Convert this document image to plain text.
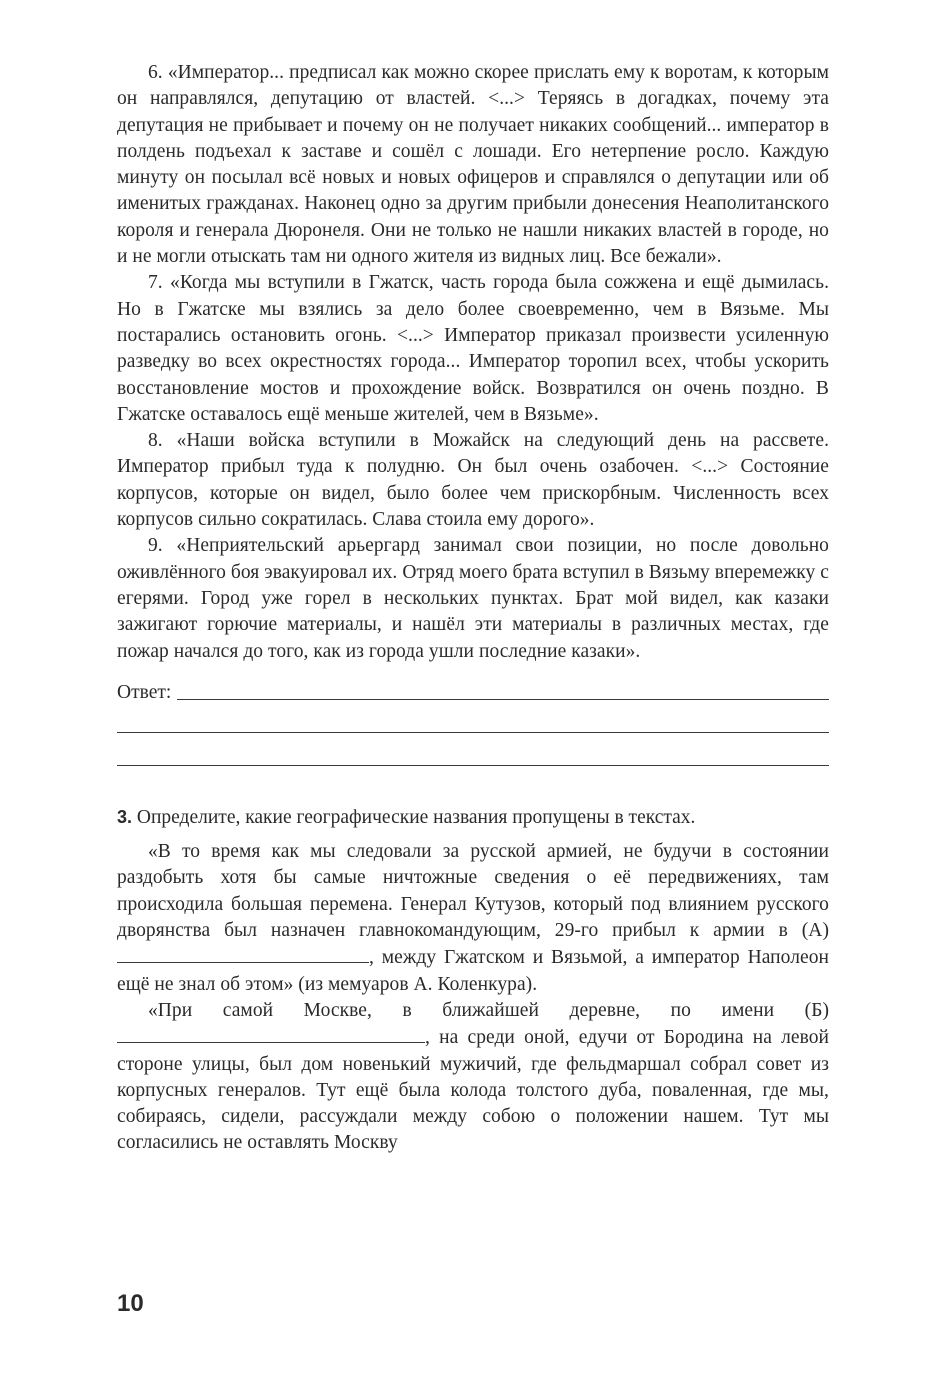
6. «Император... предписал как можно скорее прислать ему к воротам, к которым он направлялся, депутацию от властей. <...> Теряясь в догадках, почему эта депутация не прибывает и почему он не получает никаких сообщений... император в полдень подъехал к заставе и сошёл с лошади. Его нетерпение росло. Каждую минуту он посылал всё новых и новых офицеров и справлялся о депутации или об именитых гражданах. Наконец одно за другим прибыли донесения Неаполитанского короля и генерала Дюронеля. Они не только не нашли никаких властей в городе, но и не могли отыскать там ни одного жителя из видных лиц. Все бежали».

7. «Когда мы вступили в Гжатск, часть города была сожжена и ещё дымилась. Но в Гжатске мы взялись за дело более своевременно, чем в Вязьме. Мы постарались остановить огонь. <...> Император приказал произвести усиленную разведку во всех окрестностях города... Император торопил всех, чтобы ускорить восстановление мостов и прохождение войск. Возвратился он очень поздно. В Гжатске оставалось ещё меньше жителей, чем в Вязьме».

8. «Наши войска вступили в Можайск на следующий день на рассвете. Император прибыл туда к полудню. Он был очень озабочен. <...> Состояние корпусов, которые он видел, было более чем прискорбным. Численность всех корпусов сильно сократилась. Слава стоила ему дорого».

9. «Неприятельский арьергард занимал свои позиции, но после довольно оживлённого боя эвакуировал их. Отряд моего брата вступил в Вязьму вперемежку с егерями. Город уже горел в нескольких пунктах. Брат мой видел, как казаки зажигают горючие материалы, и нашёл эти материалы в различных местах, где пожар начался до того, как из города ушли последние казаки».

Ответ:
3. Определите, какие географические названия пропущены в текстах.

«В то время как мы следовали за русской армией, не будучи в состоянии раздобыть хотя бы самые ничтожные сведения о её передвижениях, там происходила большая перемена. Генерал Кутузов, который под влиянием русского дворянства был назначен главнокомандующим, 29-го прибыл к армии в (А), между Гжатском и Вязьмой, а император Наполеон ещё не знал об этом» (из мемуаров А. Коленкура).

«При самой Москве, в ближайшей деревне, по имени (Б), на среди оной, едучи от Бородина на левой стороне улицы, был дом новенький мужичий, где фельдмаршал собрал совет из корпусных генералов. Тут ещё была колода толстого дуба, поваленная, где мы, собираясь, сидели, рассуждали между собою о положении нашем. Тут мы согласились не оставлять Москву

10
